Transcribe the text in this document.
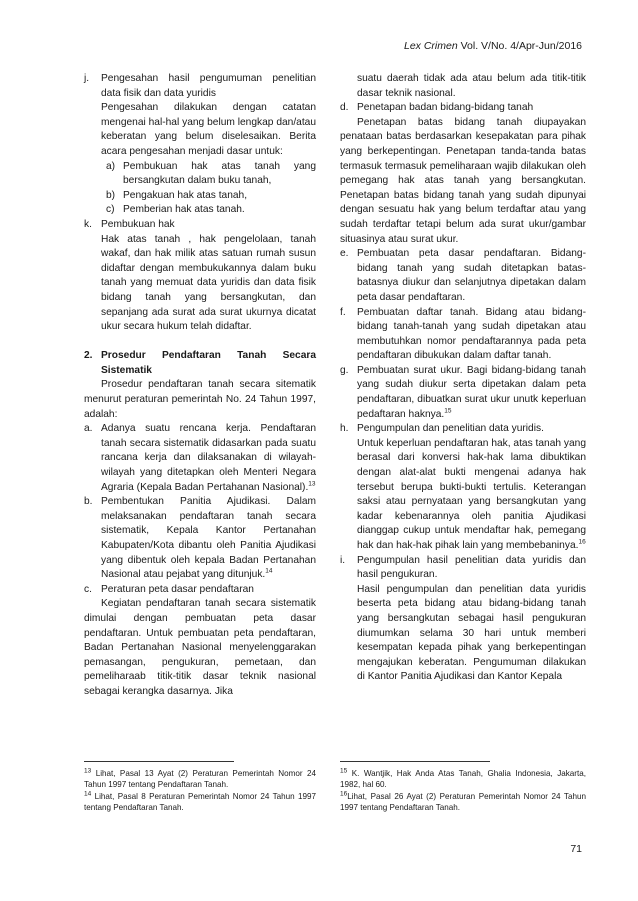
Lex Crimen Vol. V/No. 4/Apr-Jun/2016
j. Pengesahan hasil pengumuman penelitian data fisik dan data yuridis
Pengesahan dilakukan dengan catatan mengenai hal-hal yang belum lengkap dan/atau keberatan yang belum diselesaikan. Berita acara pengesahan menjadi dasar untuk:
a) Pembukuan hak atas tanah yang bersangkutan dalam buku tanah,
b) Pengakuan hak atas tanah,
c) Pemberian hak atas tanah.
k. Pembukuan hak
Hak atas tanah , hak pengelolaan, tanah wakaf, dan hak milik atas satuan rumah susun didaftar dengan membukukannya dalam buku tanah yang memuat data yuridis dan data fisik bidang tanah yang bersangkutan, dan sepanjang ada surat ada surat ukurnya dicatat ukur secara hukum telah didaftar.
2. Prosedur Pendaftaran Tanah Secara Sistematik

Prosedur pendaftaran tanah secara sitematik menurut peraturan pemerintah No. 24 Tahun 1997, adalah:

a. Adanya suatu rencana kerja. Pendaftaran tanah secara sistematik didasarkan pada suatu rancana kerja dan dilaksanakan di wilayah-wilayah yang ditetapkan oleh Menteri Negara Agraria (Kepala Badan Pertahanan Nasional).$^{13}$
b. Pembentukan Panitia Ajudikasi. Dalam melaksanakan pendaftaran tanah secara sistematik, Kepala Kantor Pertanahan Kabupaten/Kota dibantu oleh Panitia Ajudikasi yang dibentuk oleh kepala Badan Pertanahan Nasional atau pejabat yang ditunjuk.$^{14}$
c. Peraturan peta dasar pendaftaran

Kegiatan pendaftaran tanah secara sistematik dimulai dengan pembuatan peta dasar pendaftaran. Untuk pembuatan peta pendaftaran, Badan Pertanahan Nasional menyelenggarakan pemasangan, pengukuran, pemetaan, dan pemeliharaab titik-titik dasar teknik nasional sebagai kerangka dasarnya. Jika

suatu daerah tidak ada atau belum ada titik-titik dasar teknik nasional.
d. Penetapan badan bidang-bidang tanah

Penetapan batas bidang tanah diupayakan penataan batas berdasarkan kesepakatan para pihak yang berkepentingan. Penetapan tanda-tanda batas termasuk termasuk pemeliharaan wajib dilakukan oleh pemegang hak atas tanah yang bersangkutan. Penetapan batas bidang tanah yang sudah dipunyai dengan sesuatu hak yang belum terdaftar atau yang sudah terdaftar tetapi belum ada surat ukur/gambar situasinya atau surat ukur.

e. Pembuatan peta dasar pendaftaran. Bidang-bidang tanah yang sudah ditetapkan batas-batasnya diukur dan selanjutnya dipetakan dalam peta dasar pendaftaran.
f. Pembuatan daftar tanah. Bidang atau bidang-bidang tanah-tanah yang sudah dipetakan atau membutuhkan nomor pendaftarannya pada peta pendaftaran dibukukan dalam daftar tanah.
g. Pembuatan surat ukur. Bagi bidang-bidang tanah yang sudah diukur serta dipetakan dalam peta pendaftaran, dibuatkan surat ukur unutk keperluan pedaftaran haknya.$^{15}$
h. Pengumpulan dan penelitian data yuridis.
Untuk keperluan pendaftaran hak, atas tanah yang berasal dari konversi hak-hak lama dibuktikan dengan alat-alat bukti mengenai adanya hak tersebut berupa bukti-bukti tertulis. Keterangan saksi atau pernyataan yang bersangkutan yang kadar kebenarannya oleh panitia Ajudikasi dianggap cukup untuk mendaftar hak, pemegang hak dan hak-hak pihak lain yang membebaninya.$^{16}$
i. Pengumpulan hasil penelitian data yuridis dan hasil pengukuran.
Hasil pengumpulan dan penelitian data yuridis beserta peta bidang atau bidang-bidang tanah yang bersangkutan sebagai hasil pengukuran diumumkan selama 30 hari untuk memberi kesempatan kepada pihak yang berkepentingan mengajukan keberatan. Pengumuman dilakukan di Kantor Panitia Ajudikasi dan Kantor Kepala

$^{13}$ Lihat, Pasal 13 Ayat (2) Peraturan Pemerintah Nomor 24 Tahun 1997 tentang Pendaftaran Tanah.

$^{14}$ Lihat, Pasal 8 Peraturan Pemerintah Nomor 24 Tahun 1997 tentang Pendaftaran Tanah.

$^{15}$ K. Wantjik, Hak Anda Atas Tanah, Ghalia Indonesia, Jakarta, 1982, hal 60.

$^{16}$Lihat, Pasal 26 Ayat (2) Peraturan Pemerintah Nomor 24 Tahun 1997 tentang Pendaftaran Tanah.

71
